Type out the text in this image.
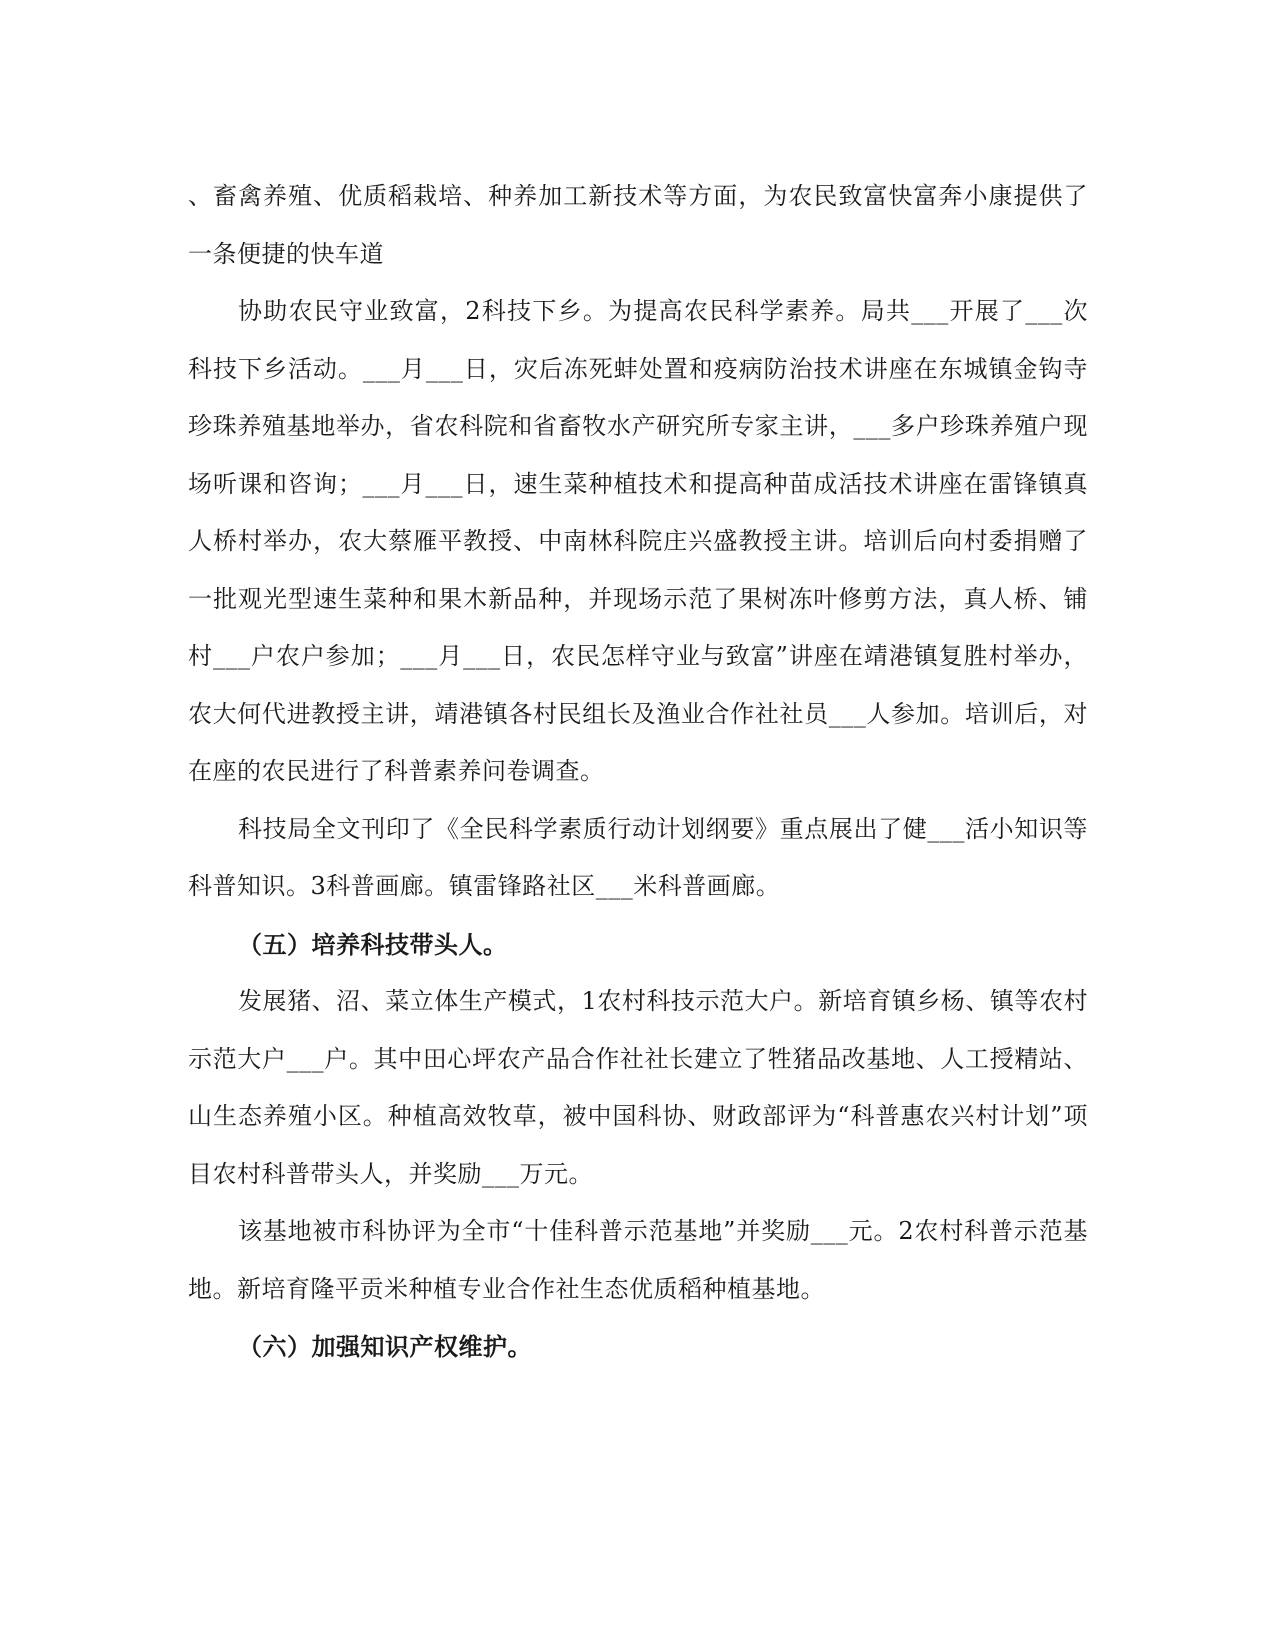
、畜禽养殖、优质稻栽培、种养加工新技术等方面，为农民致富快富奔小康提供了一条便捷的快车道

协助农民守业致富，2科技下乡。为提高农民科学素养。局共___开展了___次科技下乡活动。___月___日，灾后冻死蚌处置和疫病防治技术讲座在东城镇金钩寺珍珠养殖基地举办，省农科院和省畜牧水产研究所专家主讲，___多户珍珠养殖户现场听课和咨询；___月___日，速生菜种植技术和提高种苗成活技术讲座在雷锋镇真人桥村举办，农大蔡雁平教授、中南林科院庄兴盛教授主讲。培训后向村委捐赠了一批观光型速生菜种和果木新品种，并现场示范了果树冻叶修剪方法，真人桥、铺村___户农户参加；___月___日，农民怎样守业与致富”讲座在靖港镇复胜村举办，农大何代进教授主讲，靖港镇各村民组长及渔业合作社社员___人参加。培训后，对在座的农民进行了科普素养问卷调查。

科技局全文刊印了《全民科学素质行动计划纲要》重点展出了健___活小知识等科普知识。3科普画廊。镇雷锋路社区___米科普画廊。

（五）培养科技带头人。

发展猪、沼、菜立体生产模式，1农村科技示范大户。新培育镇乡杨、镇等农村示范大户___户。其中田心坪农产品合作社社长建立了牲猪品改基地、人工授精站、山生态养殖小区。种植高效牧草，被中国科协、财政部评为“科普惠农兴村计划”项目农村科普带头人，并奖励___万元。

该基地被市科协评为全市“十佳科普示范基地”并奖励___元。2农村科普示范基地。新培育隆平贡米种植专业合作社生态优质稻种植基地。

（六）加强知识产权维护。
